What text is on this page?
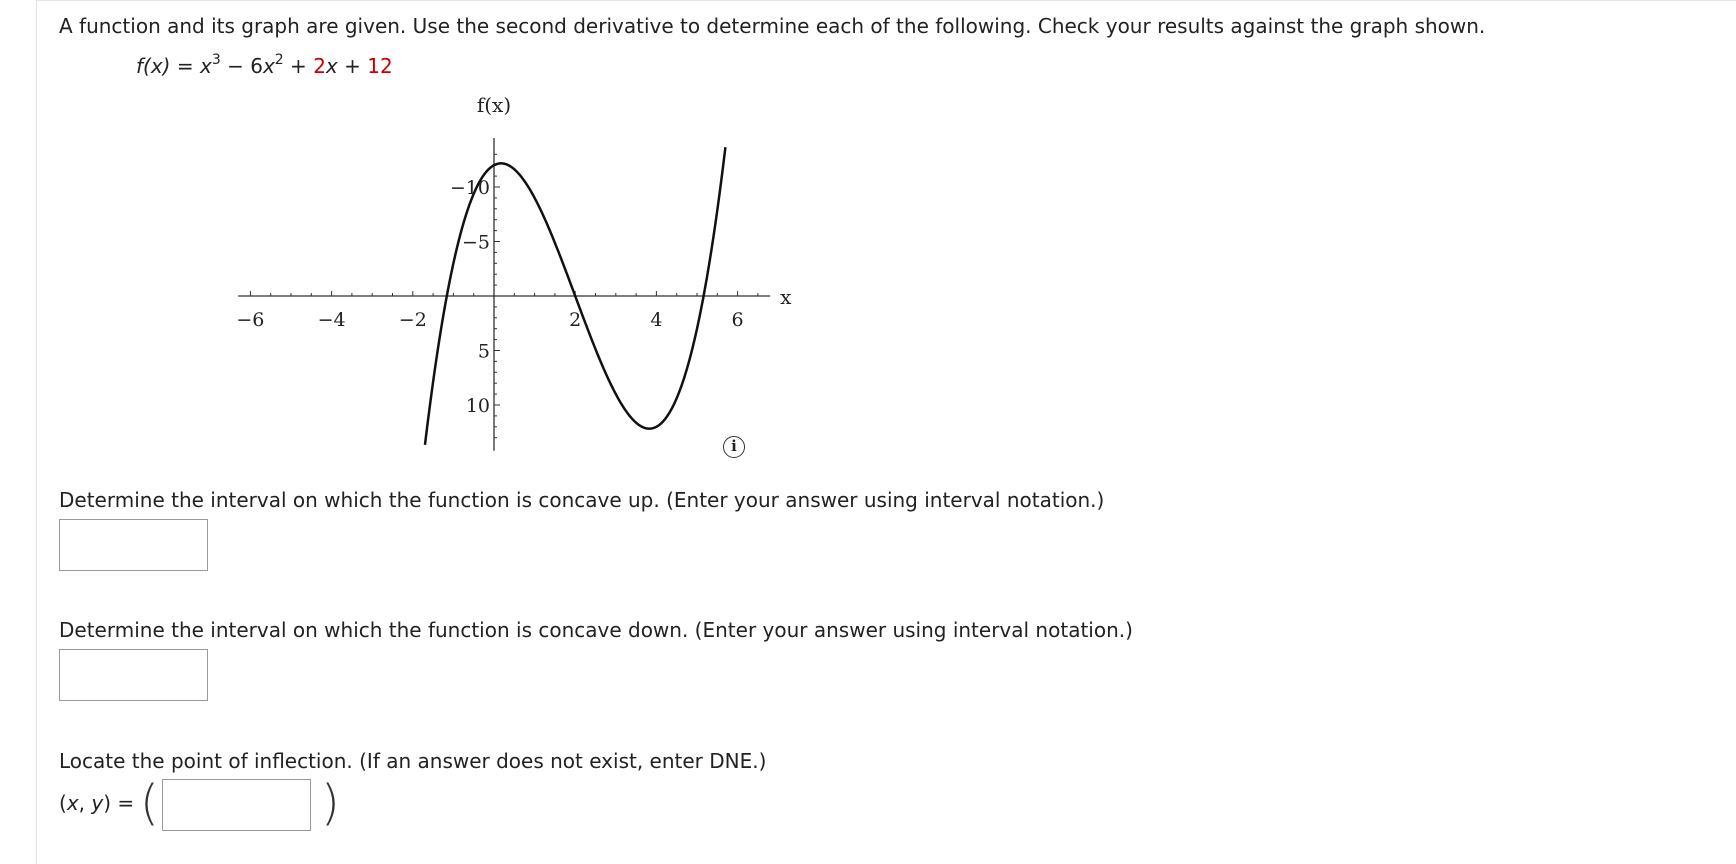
A function and its graph are given. Use the second derivative to determine each of the following. Check your results against the graph shown.
$f(x) = x^3 - 6x^2 + 2x + 12$
−6	−4	−2	2	4	6
10
5
−5
−10
f(x)
x
i
Determine the interval on which the function is concave up. (Enter your answer using interval notation.)
Determine the interval on which the function is concave down. (Enter your answer using interval notation.)
Locate the point of inflection. (If an answer does not exist, enter DNE.)
(x, y) = (	)
